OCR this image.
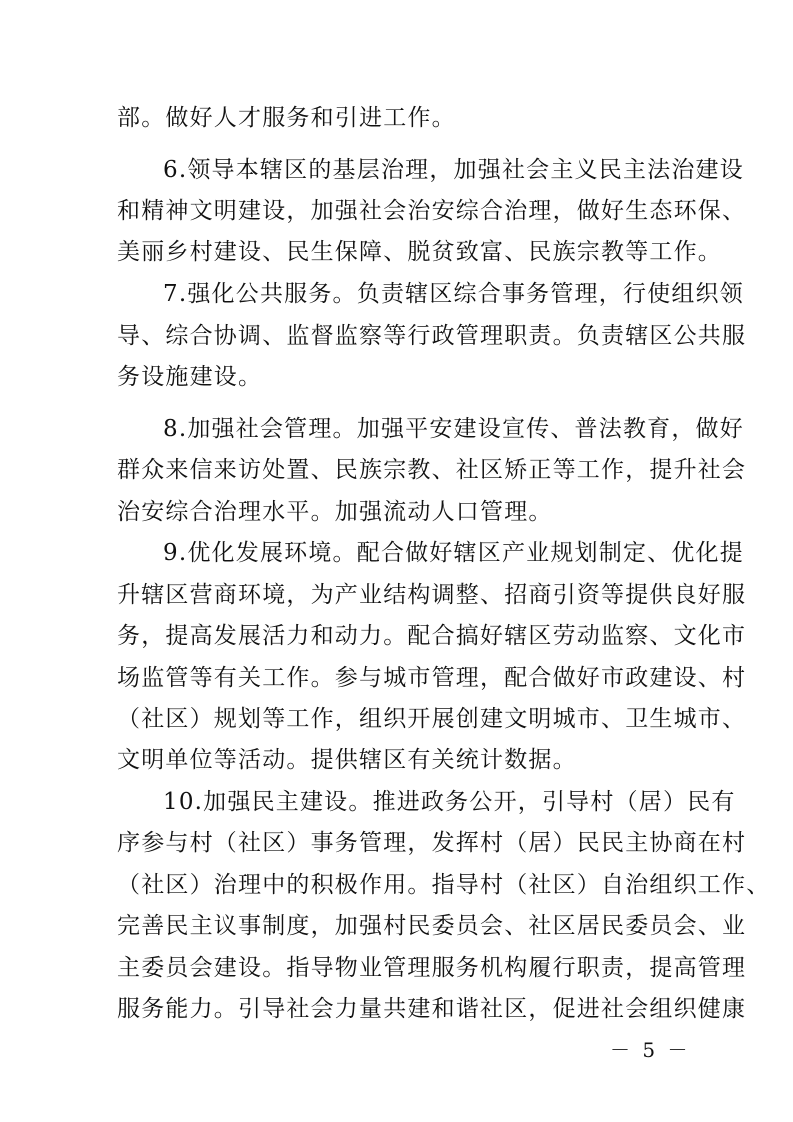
部。做好人才服务和引进工作。
6.领导本辖区的基层治理，加强社会主义民主法治建设
和精神文明建设，加强社会治安综合治理，做好生态环保、
美丽乡村建设、民生保障、脱贫致富、民族宗教等工作。
7.强化公共服务。负责辖区综合事务管理，行使组织领
导、综合协调、监督监察等行政管理职责。负责辖区公共服
务设施建设。
8.加强社会管理。加强平安建设宣传、普法教育，做好
群众来信来访处置、民族宗教、社区矫正等工作，提升社会
治安综合治理水平。加强流动人口管理。
9.优化发展环境。配合做好辖区产业规划制定、优化提
升辖区营商环境，为产业结构调整、招商引资等提供良好服
务，提高发展活力和动力。配合搞好辖区劳动监察、文化市
场监管等有关工作。参与城市管理，配合做好市政建设、村
（社区）规划等工作，组织开展创建文明城市、卫生城市、
文明单位等活动。提供辖区有关统计数据。
10.加强民主建设。推进政务公开，引导村（居）民有
序参与村（社区）事务管理，发挥村（居）民民主协商在村
（社区）治理中的积极作用。指导村（社区）自治组织工作、
完善民主议事制度，加强村民委员会、社区居民委员会、业
主委员会建设。指导物业管理服务机构履行职责，提高管理
服务能力。引导社会力量共建和谐社区，促进社会组织健康
－ 5 －
